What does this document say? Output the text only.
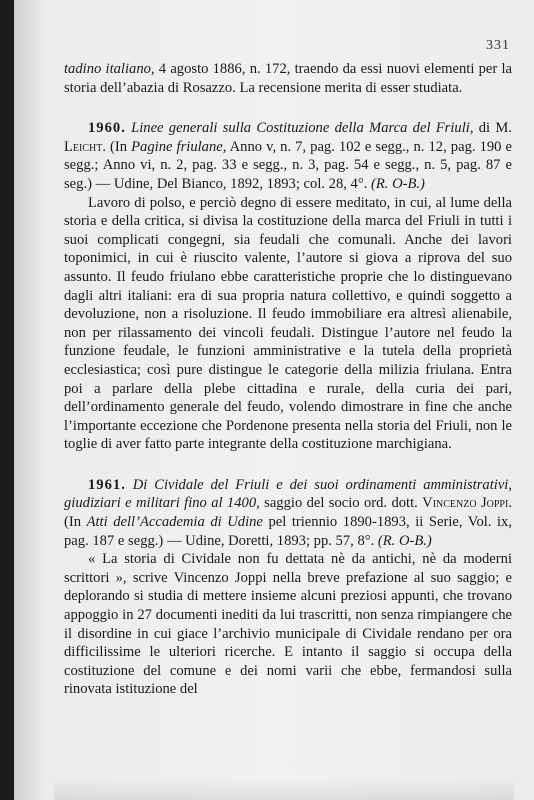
331

tadino italiano, 4 agosto 1886, n. 172, traendo da essi nuovi elementi per la storia dell’abazia di Rosazzo. La recensione merita di esser studiata.

1960. Linee generali sulla Costituzione della Marca del Friuli, di M. Leicht. (In Pagine friulane, Anno v, n. 7, pag. 102 e segg., n. 12, pag. 190 e segg.; Anno vi, n. 2, pag. 33 e segg., n. 3, pag. 54 e segg., n. 5, pag. 87 e seg.) — Udine, Del Bianco, 1892, 1893; col. 28, 4°. (R. O-B.)

Lavoro di polso, e perciò degno di essere meditato, in cui, al lume della storia e della critica, si divisa la costituzione della marca del Friuli in tutti i suoi complicati congegni, sia feudali che comunali. Anche dei lavori toponimici, in cui è riuscito valente, l’autore si giova a riprova del suo assunto. Il feudo friulano ebbe caratteristiche proprie che lo distinguevano dagli altri italiani: era di sua propria natura collettivo, e quindi soggetto a devoluzione, non a risoluzione. Il feudo immobiliare era altresì alienabile, non per rilassamento dei vincoli feudali. Distingue l’autore nel feudo la funzione feudale, le funzioni amministrative e la tutela della proprietà ecclesiastica; così pure distingue le categorie della milizia friulana. Entra poi a parlare della plebe cittadina e rurale, della curia dei pari, dell’ordinamento generale del feudo, volendo dimostrare in fine che anche l’importante eccezione che Pordenone presenta nella storia del Friuli, non le toglie di aver fatto parte integrante della costituzione marchigiana.

1961. Di Cividale del Friuli e dei suoi ordinamenti amministrativi, giudiziari e militari fino al 1400, saggio del socio ord. dott. Vincenzo Joppi. (In Atti dell’Accademia di Udine pel triennio 1890-1893, ii Serie, Vol. ix, pag. 187 e segg.) — Udine, Doretti, 1893; pp. 57, 8°. (R. O-B.)

« La storia di Cividale non fu dettata nè da antichi, nè da moderni scrittori », scrive Vincenzo Joppi nella breve prefazione al suo saggio; e deplorando si studia di mettere insieme alcuni preziosi appunti, che trovano appoggio in 27 documenti inediti da lui trascritti, non senza rimpiangere che il disordine in cui giace l’archivio municipale di Cividale rendano per ora difficilissime le ulteriori ricerche. E intanto il saggio si occupa della costituzione del comune e dei nomi varii che ebbe, fermandosi sulla rinovata istituzione del
